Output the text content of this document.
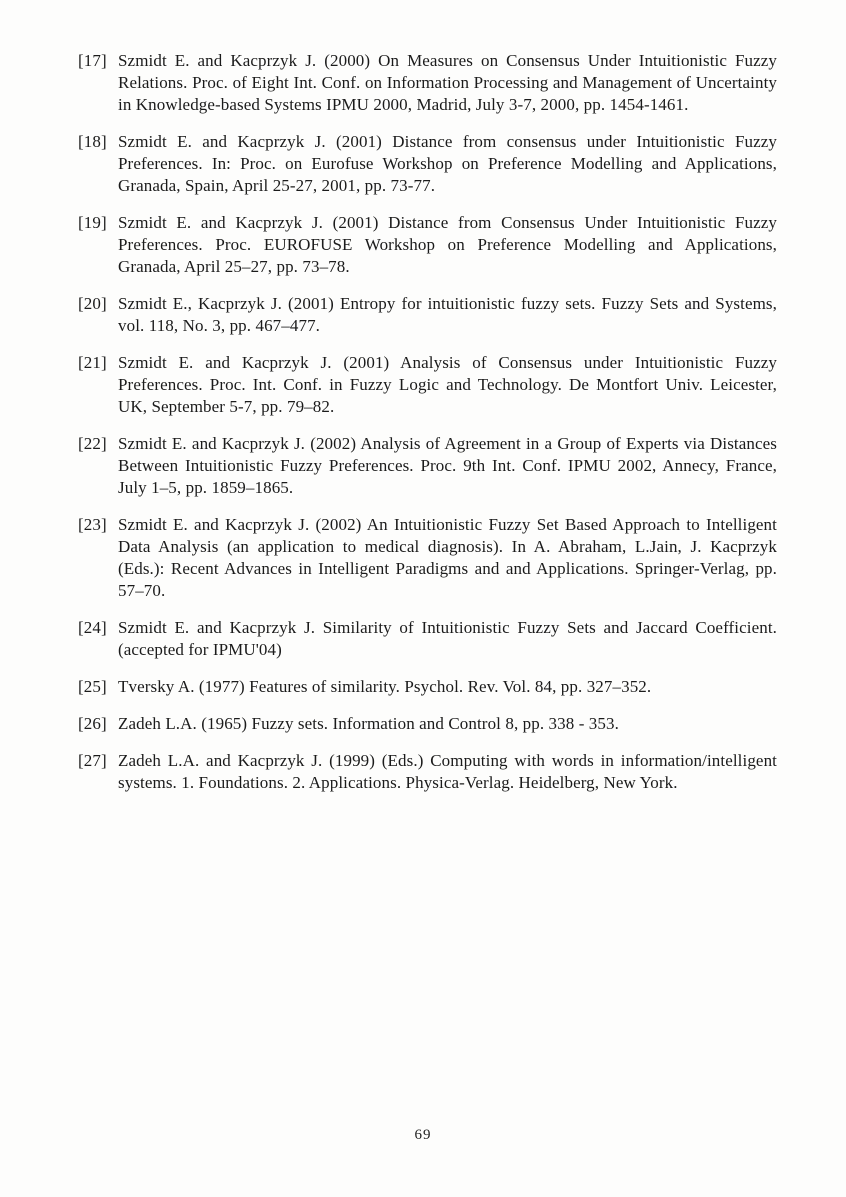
[17] Szmidt E. and Kacprzyk J. (2000) On Measures on Consensus Under Intuitionistic Fuzzy Relations. Proc. of Eight Int. Conf. on Information Processing and Management of Uncertainty in Knowledge-based Systems IPMU 2000, Madrid, July 3-7, 2000, pp. 1454-1461.
[18] Szmidt E. and Kacprzyk J. (2001) Distance from consensus under Intuitionistic Fuzzy Preferences. In: Proc. on Eurofuse Workshop on Preference Modelling and Applications, Granada, Spain, April 25-27, 2001, pp. 73-77.
[19] Szmidt E. and Kacprzyk J. (2001) Distance from Consensus Under Intuitionistic Fuzzy Preferences. Proc. EUROFUSE Workshop on Preference Modelling and Applications, Granada, April 25–27, pp. 73–78.
[20] Szmidt E., Kacprzyk J. (2001) Entropy for intuitionistic fuzzy sets. Fuzzy Sets and Systems, vol. 118, No. 3, pp. 467–477.
[21] Szmidt E. and Kacprzyk J. (2001) Analysis of Consensus under Intuitionistic Fuzzy Preferences. Proc. Int. Conf. in Fuzzy Logic and Technology. De Montfort Univ. Leicester, UK, September 5-7, pp. 79–82.
[22] Szmidt E. and Kacprzyk J. (2002) Analysis of Agreement in a Group of Experts via Distances Between Intuitionistic Fuzzy Preferences. Proc. 9th Int. Conf. IPMU 2002, Annecy, France, July 1–5, pp. 1859–1865.
[23] Szmidt E. and Kacprzyk J. (2002) An Intuitionistic Fuzzy Set Based Approach to Intelligent Data Analysis (an application to medical diagnosis). In A. Abraham, L.Jain, J. Kacprzyk (Eds.): Recent Advances in Intelligent Paradigms and and Applications. Springer-Verlag, pp. 57–70.
[24] Szmidt E. and Kacprzyk J. Similarity of Intuitionistic Fuzzy Sets and Jaccard Coefficient. (accepted for IPMU'04)
[25] Tversky A. (1977) Features of similarity. Psychol. Rev. Vol. 84, pp. 327–352.
[26] Zadeh L.A. (1965) Fuzzy sets. Information and Control 8, pp. 338 - 353.
[27] Zadeh L.A. and Kacprzyk J. (1999) (Eds.) Computing with words in information/intelligent systems. 1. Foundations. 2. Applications. Physica-Verlag. Heidelberg, New York.
69
